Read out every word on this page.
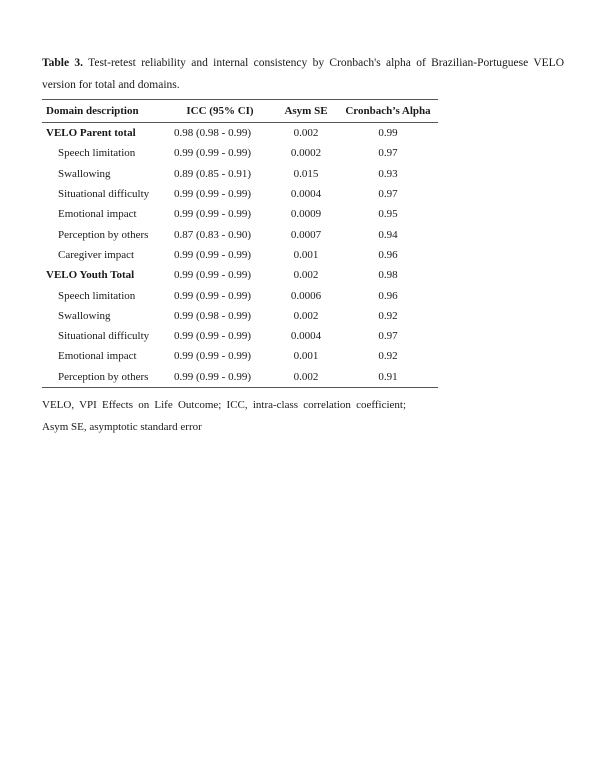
Table 3. Test-retest reliability and internal consistency by Cronbach's alpha of Brazilian-Portuguese VELO version for total and domains.

Domain description	ICC (95% CI)	Asym SE	Cronbach’s Alpha
VELO Parent total	0.98 (0.98 - 0.99)	0.002	0.99
Speech limitation	0.99 (0.99 - 0.99)	0.0002	0.97
Swallowing	0.89 (0.85 - 0.91)	0.015	0.93
Situational difficulty	0.99 (0.99 - 0.99)	0.0004	0.97
Emotional impact	0.99 (0.99 - 0.99)	0.0009	0.95
Perception by others	0.87 (0.83 - 0.90)	0.0007	0.94
Caregiver impact	0.99 (0.99 - 0.99)	0.001	0.96
VELO Youth Total	0.99 (0.99 - 0.99)	0.002	0.98
Speech limitation	0.99 (0.99 - 0.99)	0.0006	0.96
Swallowing	0.99 (0.98 - 0.99)	0.002	0.92
Situational difficulty	0.99 (0.99 - 0.99)	0.0004	0.97
Emotional impact	0.99 (0.99 - 0.99)	0.001	0.92
Perception by others	0.99 (0.99 - 0.99)	0.002	0.91

VELO, VPI Effects on Life Outcome; ICC, intra-class correlation coefficient; Asym SE, asymptotic standard error
